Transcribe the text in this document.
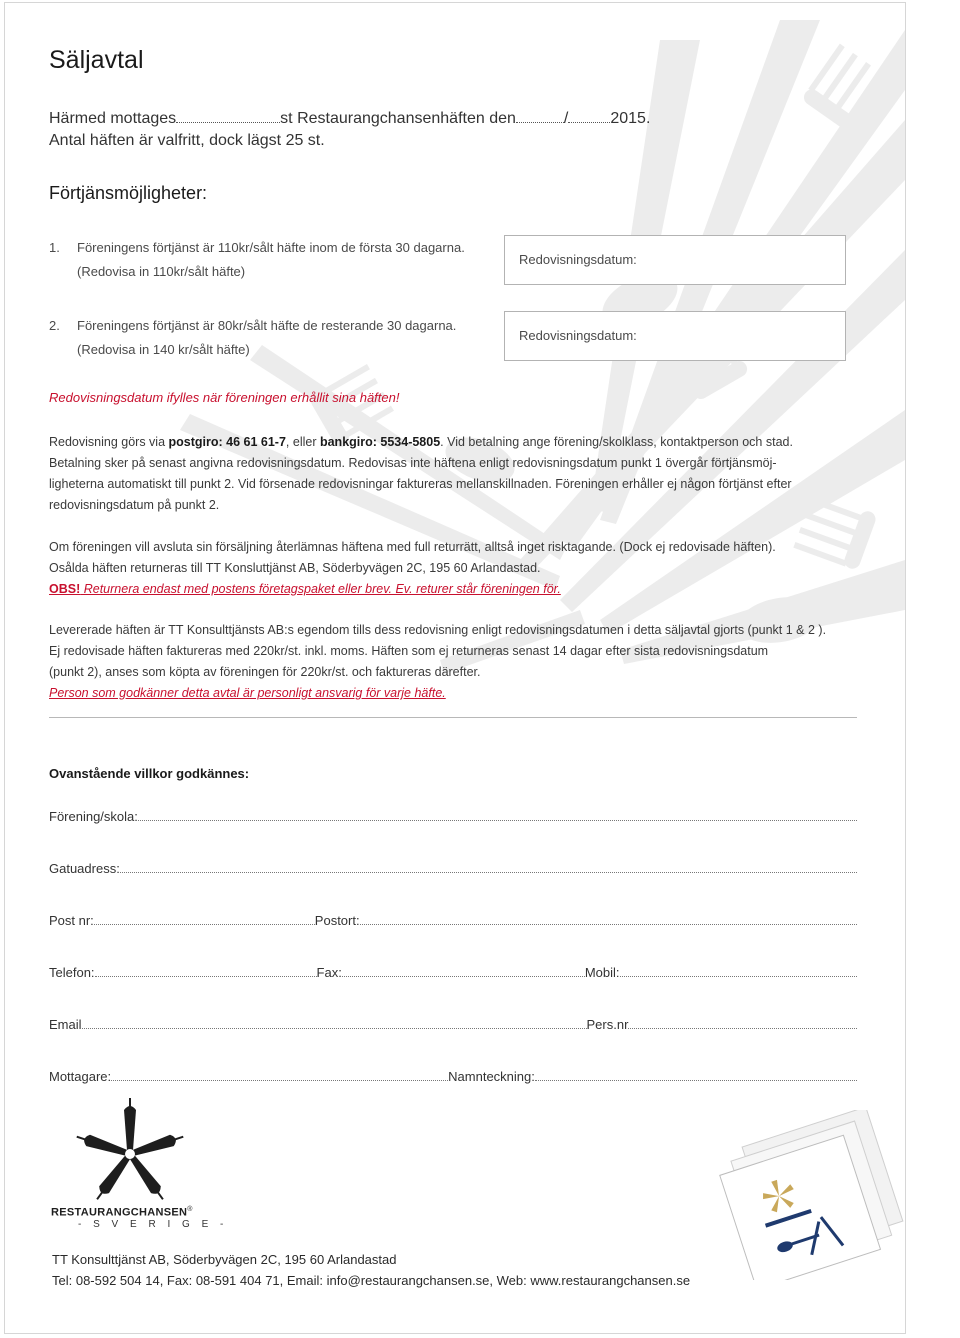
Säljavtal
Härmed mottages	st Restaurangchansenhäften den	/	2015.
Antal häften är valfritt, dock lägst 25 st.
Förtjänsmöjligheter:
1. Föreningens förtjänst är 110kr/sålt häfte inom de första 30 dagarna.
(Redovisa in 110kr/sålt häfte)
Redovisningsdatum:
2. Föreningens förtjänst är 80kr/sålt häfte de resterande 30 dagarna.
(Redovisa in 140 kr/sålt häfte)
Redovisningsdatum:
Redovisningsdatum ifylles när föreningen erhållit sina häften!
Redovisning görs via postgiro: 46 61 61-7, eller bankgiro: 5534-5805. Vid betalning ange förening/skolklass, kontaktperson och stad.
Betalning sker på senast angivna redovisningsdatum. Redovisas inte häftena enligt redovisningsdatum punkt 1 övergår förtjänsmöj-
ligheterna automatiskt till punkt 2. Vid försenade redovisningar faktureras mellanskillnaden. Föreningen erhåller ej någon förtjänst efter
redovisningsdatum på punkt 2.
Om föreningen vill avsluta sin försäljning återlämnas häftena med full returrätt, alltså inget risktagande. (Dock ej redovisade häften).
Osålda häften returneras till TT Konsluttjänst AB, Söderbyvägen 2C, 195 60 Arlandastad.
OBS! Returnera endast med postens företagspaket eller brev. Ev. returer står föreningen för.
Levererade häften är TT Konsulttjänsts AB:s egendom tills dess redovisning enligt redovisningsdatumen i detta säljavtal gjorts (punkt 1 & 2 ).
Ej redovisade häften faktureras med 220kr/st. inkl. moms. Häften som ej returneras senast 14 dagar efter sista redovisningsdatum
(punkt 2), anses som köpta av föreningen för 220kr/st. och faktureras därefter.
Person som godkänner detta avtal är personligt ansvarig för varje häfte.
Ovanstående villkor godkännes:
Förening/skola:
Gatuadress:
Post nr:	Postort:
Telefon:	Fax:	Mobil:
Email	Pers.nr
Mottagare:	Namnteckning:
RESTAURANGCHANSEN®
- S V E R I G E -
TT Konsulttjänst AB, Söderbyvägen 2C, 195 60 Arlandastad
Tel: 08-592 504 14, Fax: 08-591 404 71, Email: info@restaurangchansen.se, Web: www.restaurangchansen.se
